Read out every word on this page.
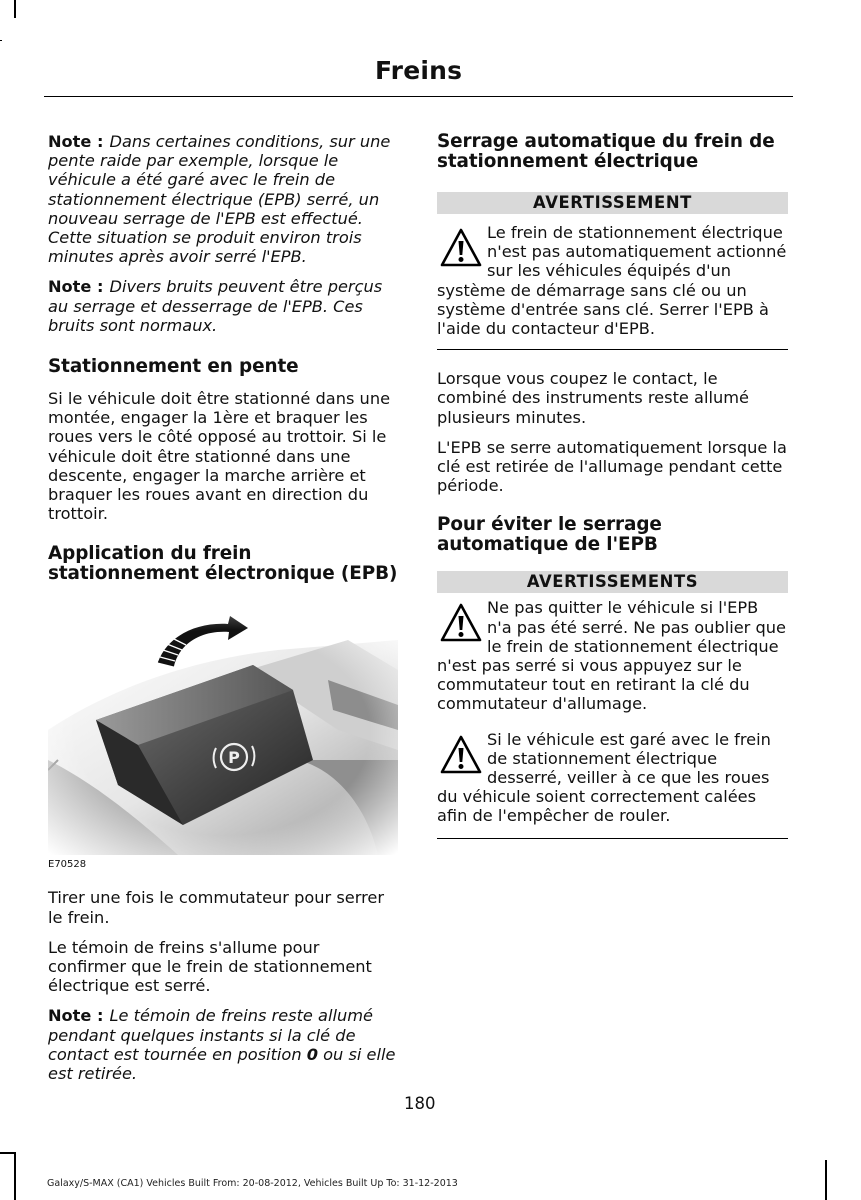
Freins

Note : Dans certaines conditions, sur une pente raide par exemple, lorsque le véhicule a été garé avec le frein de stationnement électrique (EPB) serré, un nouveau serrage de l'EPB est effectué. Cette situation se produit environ trois minutes après avoir serré l'EPB.

Note : Divers bruits peuvent être perçus au serrage et desserrage de l'EPB. Ces bruits sont normaux.

Stationnement en pente

Si le véhicule doit être stationné dans une montée, engager la 1ère et braquer les roues vers le côté opposé au trottoir. Si le véhicule doit être stationné dans une descente, engager la marche arrière et braquer les roues avant en direction du trottoir.

Application du frein stationnement électronique (EPB)
E70528

Tirer une fois le commutateur pour serrer le frein.

Le témoin de freins s'allume pour confirmer que le frein de stationnement électrique est serré.

Note : Le témoin de freins reste allumé pendant quelques instants si la clé de contact est tournée en position 0 ou si elle est retirée.

Serrage automatique du frein de stationnement électrique
AVERTISSEMENT
Le frein de stationnement électrique n'est pas automatiquement actionné sur les véhicules équipés d'un système de démarrage sans clé ou un système d'entrée sans clé. Serrer l'EPB à l'aide du contacteur d'EPB.

Lorsque vous coupez le contact, le combiné des instruments reste allumé plusieurs minutes.

L'EPB se serre automatiquement lorsque la clé est retirée de l'allumage pendant cette période.

Pour éviter le serrage automatique de l'EPB
AVERTISSEMENTS
Ne pas quitter le véhicule si l'EPB n'a pas été serré. Ne pas oublier que le frein de stationnement électrique n'est pas serré si vous appuyez sur le commutateur tout en retirant la clé du commutateur d'allumage.
Si le véhicule est garé avec le frein de stationnement électrique desserré, veiller à ce que les roues du véhicule soient correctement calées afin de l'empêcher de rouler.
180
Galaxy/S-MAX (CA1) Vehicles Built From: 20-08-2012, Vehicles Built Up To: 31-12-2013
